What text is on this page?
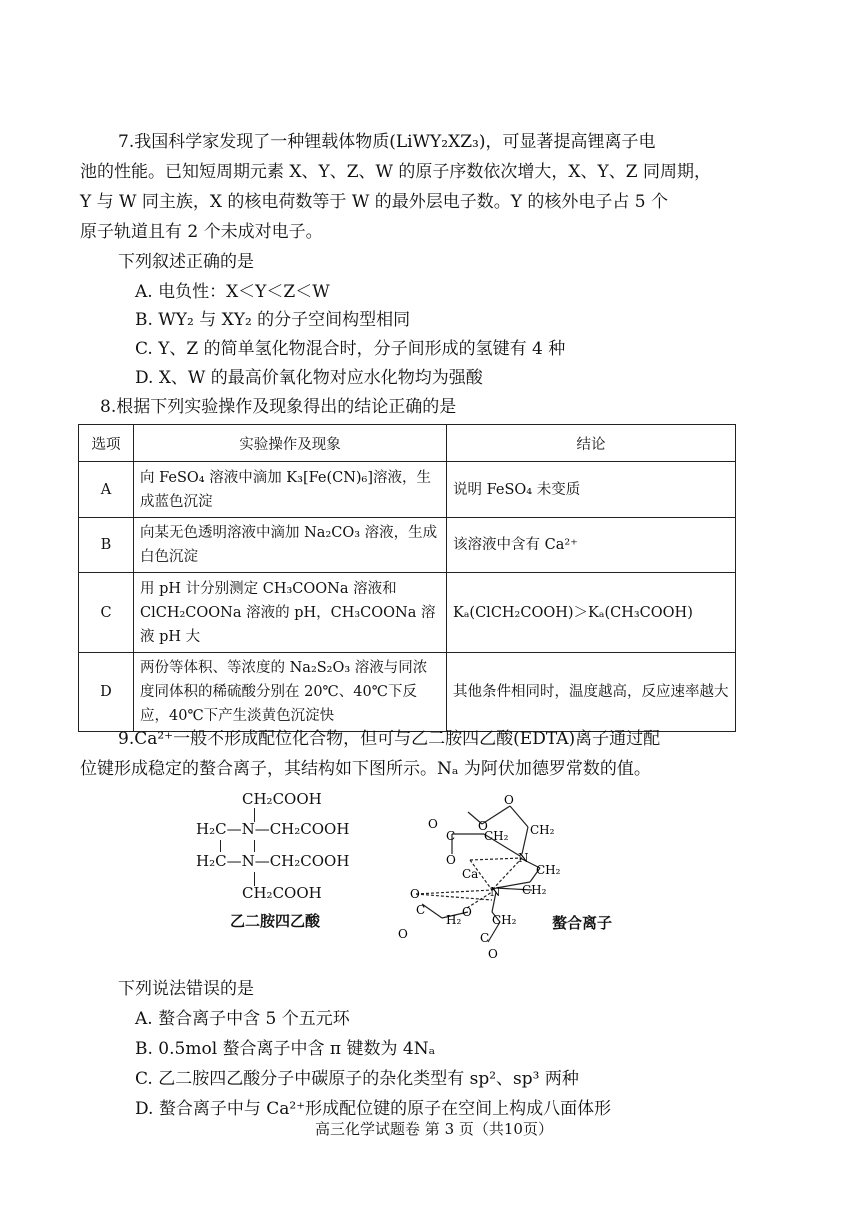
7.我国科学家发现了一种锂载体物质(LiWY₂XZ₃)，可显著提高锂离子电
池的性能。已知短周期元素 X、Y、Z、W 的原子序数依次增大，X、Y、Z 同周期，
Y 与 W 同主族，X 的核电荷数等于 W 的最外层电子数。Y 的核外电子占 5 个
原子轨道且有 2 个未成对电子。
下列叙述正确的是
A. 电负性：X＜Y＜Z＜W
B. WY₂ 与 XY₂ 的分子空间构型相同
C. Y、Z 的简单氢化物混合时，分子间形成的氢键有 4 种
D. X、W 的最高价氧化物对应水化物均为强酸
8.根据下列实验操作及现象得出的结论正确的是
选项	实验操作及现象	结论
A	向 FeSO₄ 溶液中滴加 K₃[Fe(CN)₆]溶液，生成蓝色沉淀	说明 FeSO₄ 未变质
B	向某无色透明溶液中滴加 Na₂CO₃ 溶液，生成白色沉淀	该溶液中含有 Ca²⁺
C	用 pH 计分别测定 CH₃COONa 溶液和 ClCH₂COONa 溶液的 pH，CH₃COONa 溶液 pH 大	Kₐ(ClCH₂COOH)＞Kₐ(CH₃COOH)
D	两份等体积、等浓度的 Na₂S₂O₃ 溶液与同浓度同体积的稀硫酸分别在 20℃、40℃下反应，40℃下产生淡黄色沉淀快	其他条件相同时，温度越高，反应速率越大
9.Ca²⁺一般不形成配位化合物，但可与乙二胺四乙酸(EDTA)离子通过配
位键形成稳定的螯合离子，其结构如下图所示。Nₐ 为阿伏加德罗常数的值。
CH₂COOH
H₂C—N—CH₂COOH
H₂C—N—CH₂COOH
CH₂COOH
乙二胺四乙酸
O
O
O
C CH₂ CH₂
O	N
CH₂
Ca
N CH₂
O
C	O
H₂	CH₂
O	C
O
螯合离子
下列说法错误的是
A. 螯合离子中含 5 个五元环
B. 0.5mol 螯合离子中含 π 键数为 4Nₐ
C. 乙二胺四乙酸分子中碳原子的杂化类型有 sp²、sp³ 两种
D. 螯合离子中与 Ca²⁺形成配位键的原子在空间上构成八面体形
高三化学试题卷 第 3 页（共10页）
